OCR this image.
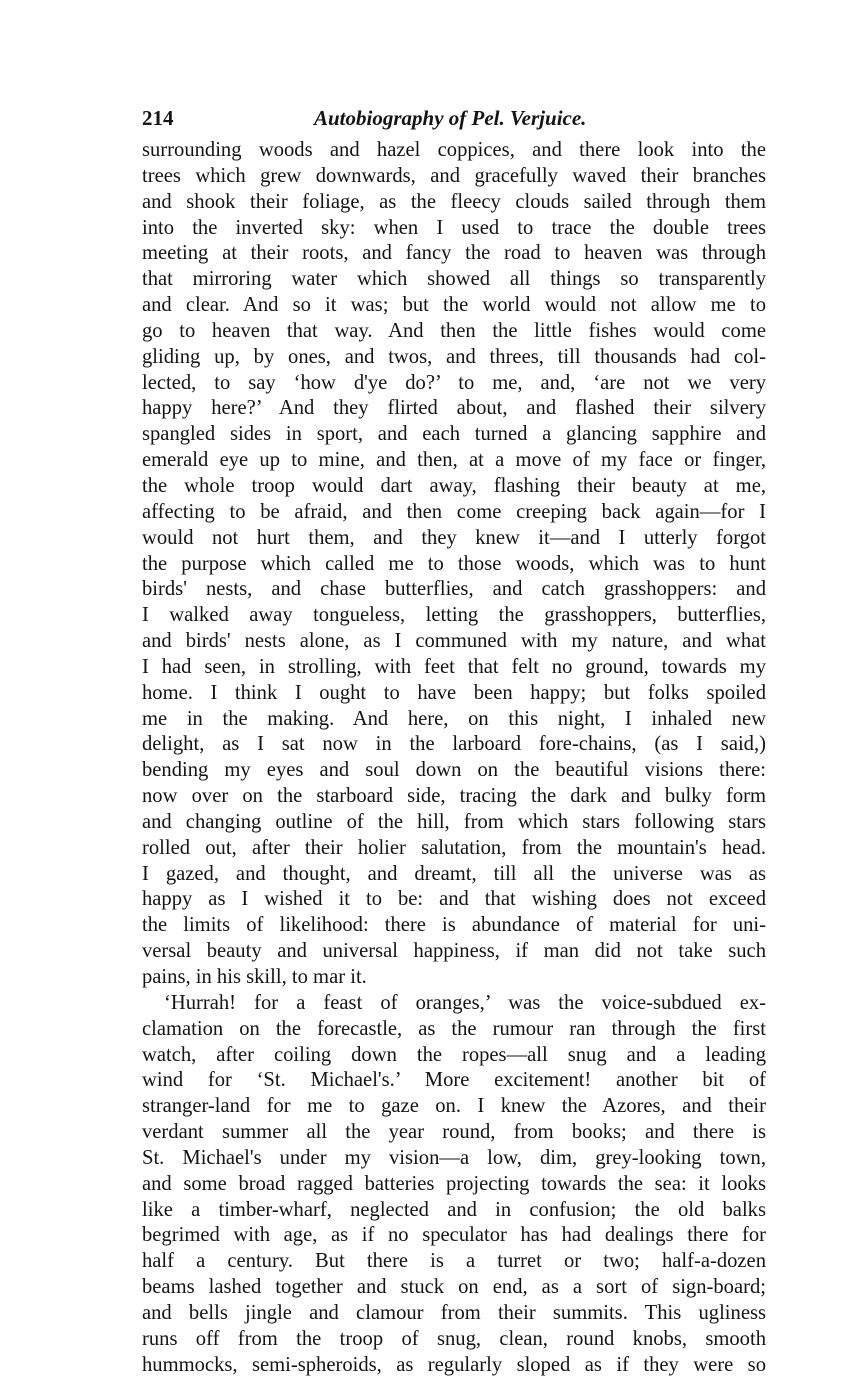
214	Autobiography of Pel. Verjuice.
surrounding woods and hazel coppices, and there look into the
trees which grew downwards, and gracefully waved their branches
and shook their foliage, as the fleecy clouds sailed through them
into the inverted sky: when I used to trace the double trees
meeting at their roots, and fancy the road to heaven was through
that mirroring water which showed all things so transparently
and clear. And so it was; but the world would not allow me to
go to heaven that way. And then the little fishes would come
gliding up, by ones, and twos, and threes, till thousands had col-
lected, to say ‘how d'ye do?’ to me, and, ‘are not we very
happy here?’ And they flirted about, and flashed their silvery
spangled sides in sport, and each turned a glancing sapphire and
emerald eye up to mine, and then, at a move of my face or finger,
the whole troop would dart away, flashing their beauty at me,
affecting to be afraid, and then come creeping back again—for I
would not hurt them, and they knew it—and I utterly forgot
the purpose which called me to those woods, which was to hunt
birds' nests, and chase butterflies, and catch grasshoppers: and
I walked away tongueless, letting the grasshoppers, butterflies,
and birds' nests alone, as I communed with my nature, and what
I had seen, in strolling, with feet that felt no ground, towards my
home. I think I ought to have been happy; but folks spoiled
me in the making. And here, on this night, I inhaled new
delight, as I sat now in the larboard fore-chains, (as I said,)
bending my eyes and soul down on the beautiful visions there:
now over on the starboard side, tracing the dark and bulky form
and changing outline of the hill, from which stars following stars
rolled out, after their holier salutation, from the mountain's head.
I gazed, and thought, and dreamt, till all the universe was as
happy as I wished it to be: and that wishing does not exceed
the limits of likelihood: there is abundance of material for uni-
versal beauty and universal happiness, if man did not take such
pains, in his skill, to mar it.
‘Hurrah! for a feast of oranges,’ was the voice-subdued ex-
clamation on the forecastle, as the rumour ran through the first
watch, after coiling down the ropes—all snug and a leading
wind for ‘St. Michael's.’ More excitement! another bit of
stranger-land for me to gaze on. I knew the Azores, and their
verdant summer all the year round, from books; and there is
St. Michael's under my vision—a low, dim, grey-looking town,
and some broad ragged batteries projecting towards the sea: it looks
like a timber-wharf, neglected and in confusion; the old balks
begrimed with age, as if no speculator has had dealings there for
half a century. But there is a turret or two; half-a-dozen
beams lashed together and stuck on end, as a sort of sign-board;
and bells jingle and clamour from their summits. This ugliness
runs off from the troop of snug, clean, round knobs, smooth
hummocks, semi-spheroids, as regularly sloped as if they were so
